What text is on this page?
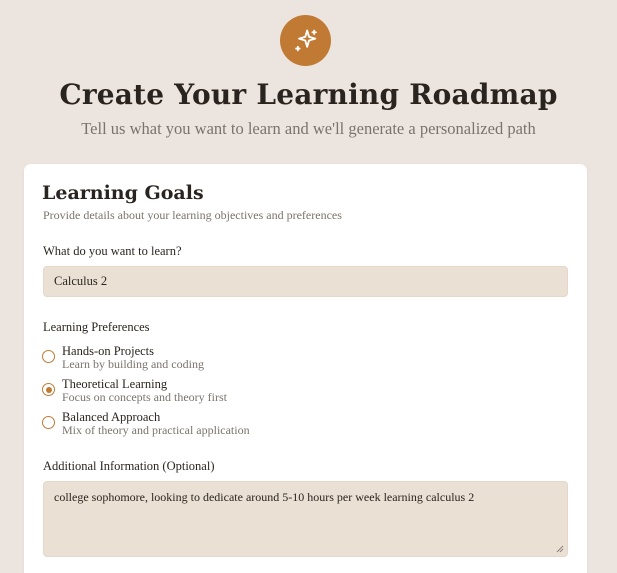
Create Your Learning Roadmap
Tell us what you want to learn and we'll generate a personalized path
Learning Goals
Provide details about your learning objectives and preferences
What do you want to learn?
Calculus 2
Learning Preferences
Hands-on Projects
Learn by building and coding
Theoretical Learning
Focus on concepts and theory first
Balanced Approach
Mix of theory and practical application
Additional Information (Optional)
college sophomore, looking to dedicate around 5-10 hours per week learning calculus 2
